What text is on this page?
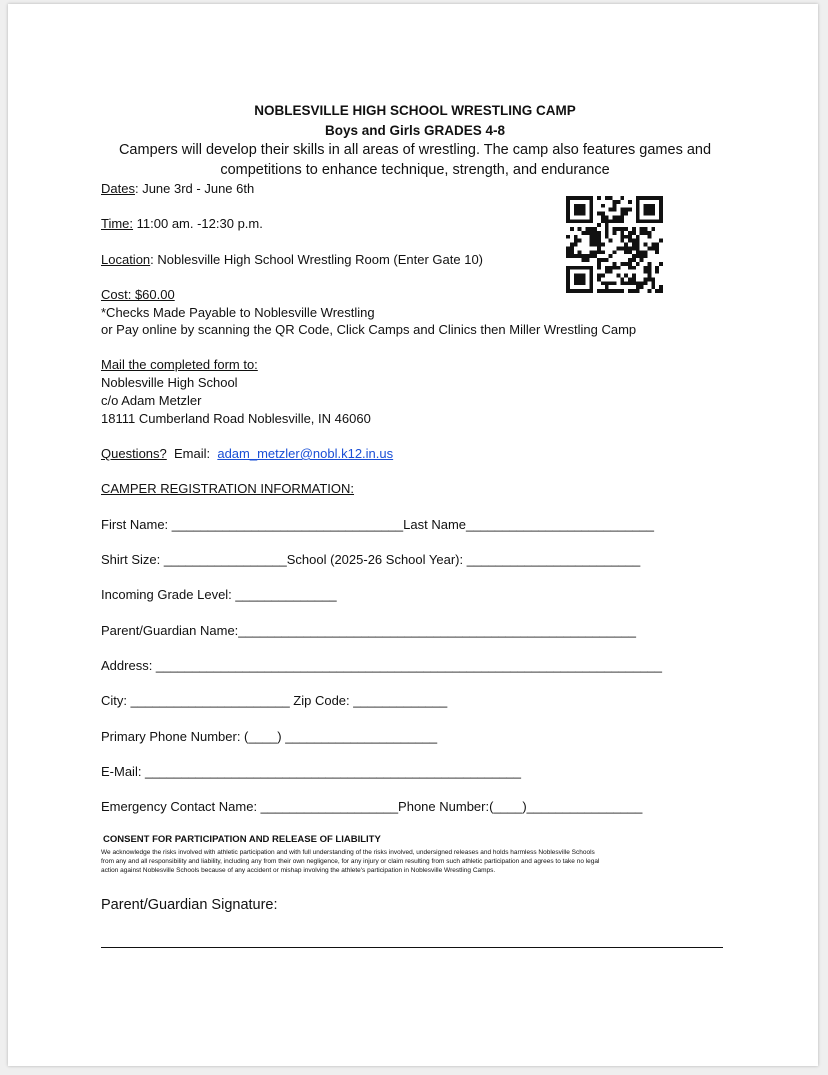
NOBLESVILLE HIGH SCHOOL WRESTLING CAMP
Boys and Girls GRADES 4-8
Campers will develop their skills in all areas of wrestling. The camp also features games and
competitions to enhance technique, strength, and endurance
Dates: June 3rd - June 6th
Time: 11:00 am. -12:30 p.m.
Location: Noblesville High School Wrestling Room (Enter Gate 10)
Cost: $60.00
*Checks Made Payable to Noblesville Wrestling
or Pay online by scanning the QR Code, Click Camps and Clinics then Miller Wrestling Camp
Mail the completed form to:
Noblesville High School
c/o Adam Metzler
18111 Cumberland Road Noblesville, IN 46060
Questions?  Email:  adam_metzler@nobl.k12.in.us
CAMPER REGISTRATION INFORMATION:
First Name: ________________________________Last Name__________________________
Shirt Size: _________________School (2025-26 School Year): ________________________
Incoming Grade Level: ______________
Parent/Guardian Name:_______________________________________________________
Address: ______________________________________________________________________
City: ______________________ Zip Code: _____________
Primary Phone Number: (____) _____________________
E-Mail: ____________________________________________________
Emergency Contact Name: ___________________Phone Number:(____)________________
CONSENT FOR PARTICIPATION AND RELEASE OF LIABILITY
We acknowledge the risks involved with athletic participation and with full understanding of the risks involved, undersigned releases and holds harmless Noblesville Schools
from any and all responsibility and liability, including any from their own negligence, for any injury or claim resulting from such athletic participation and agrees to take no legal
action against Noblesville Schools because of any accident or mishap involving the athlete's participation in Noblesville Wrestling Camps.
Parent/Guardian Signature:
